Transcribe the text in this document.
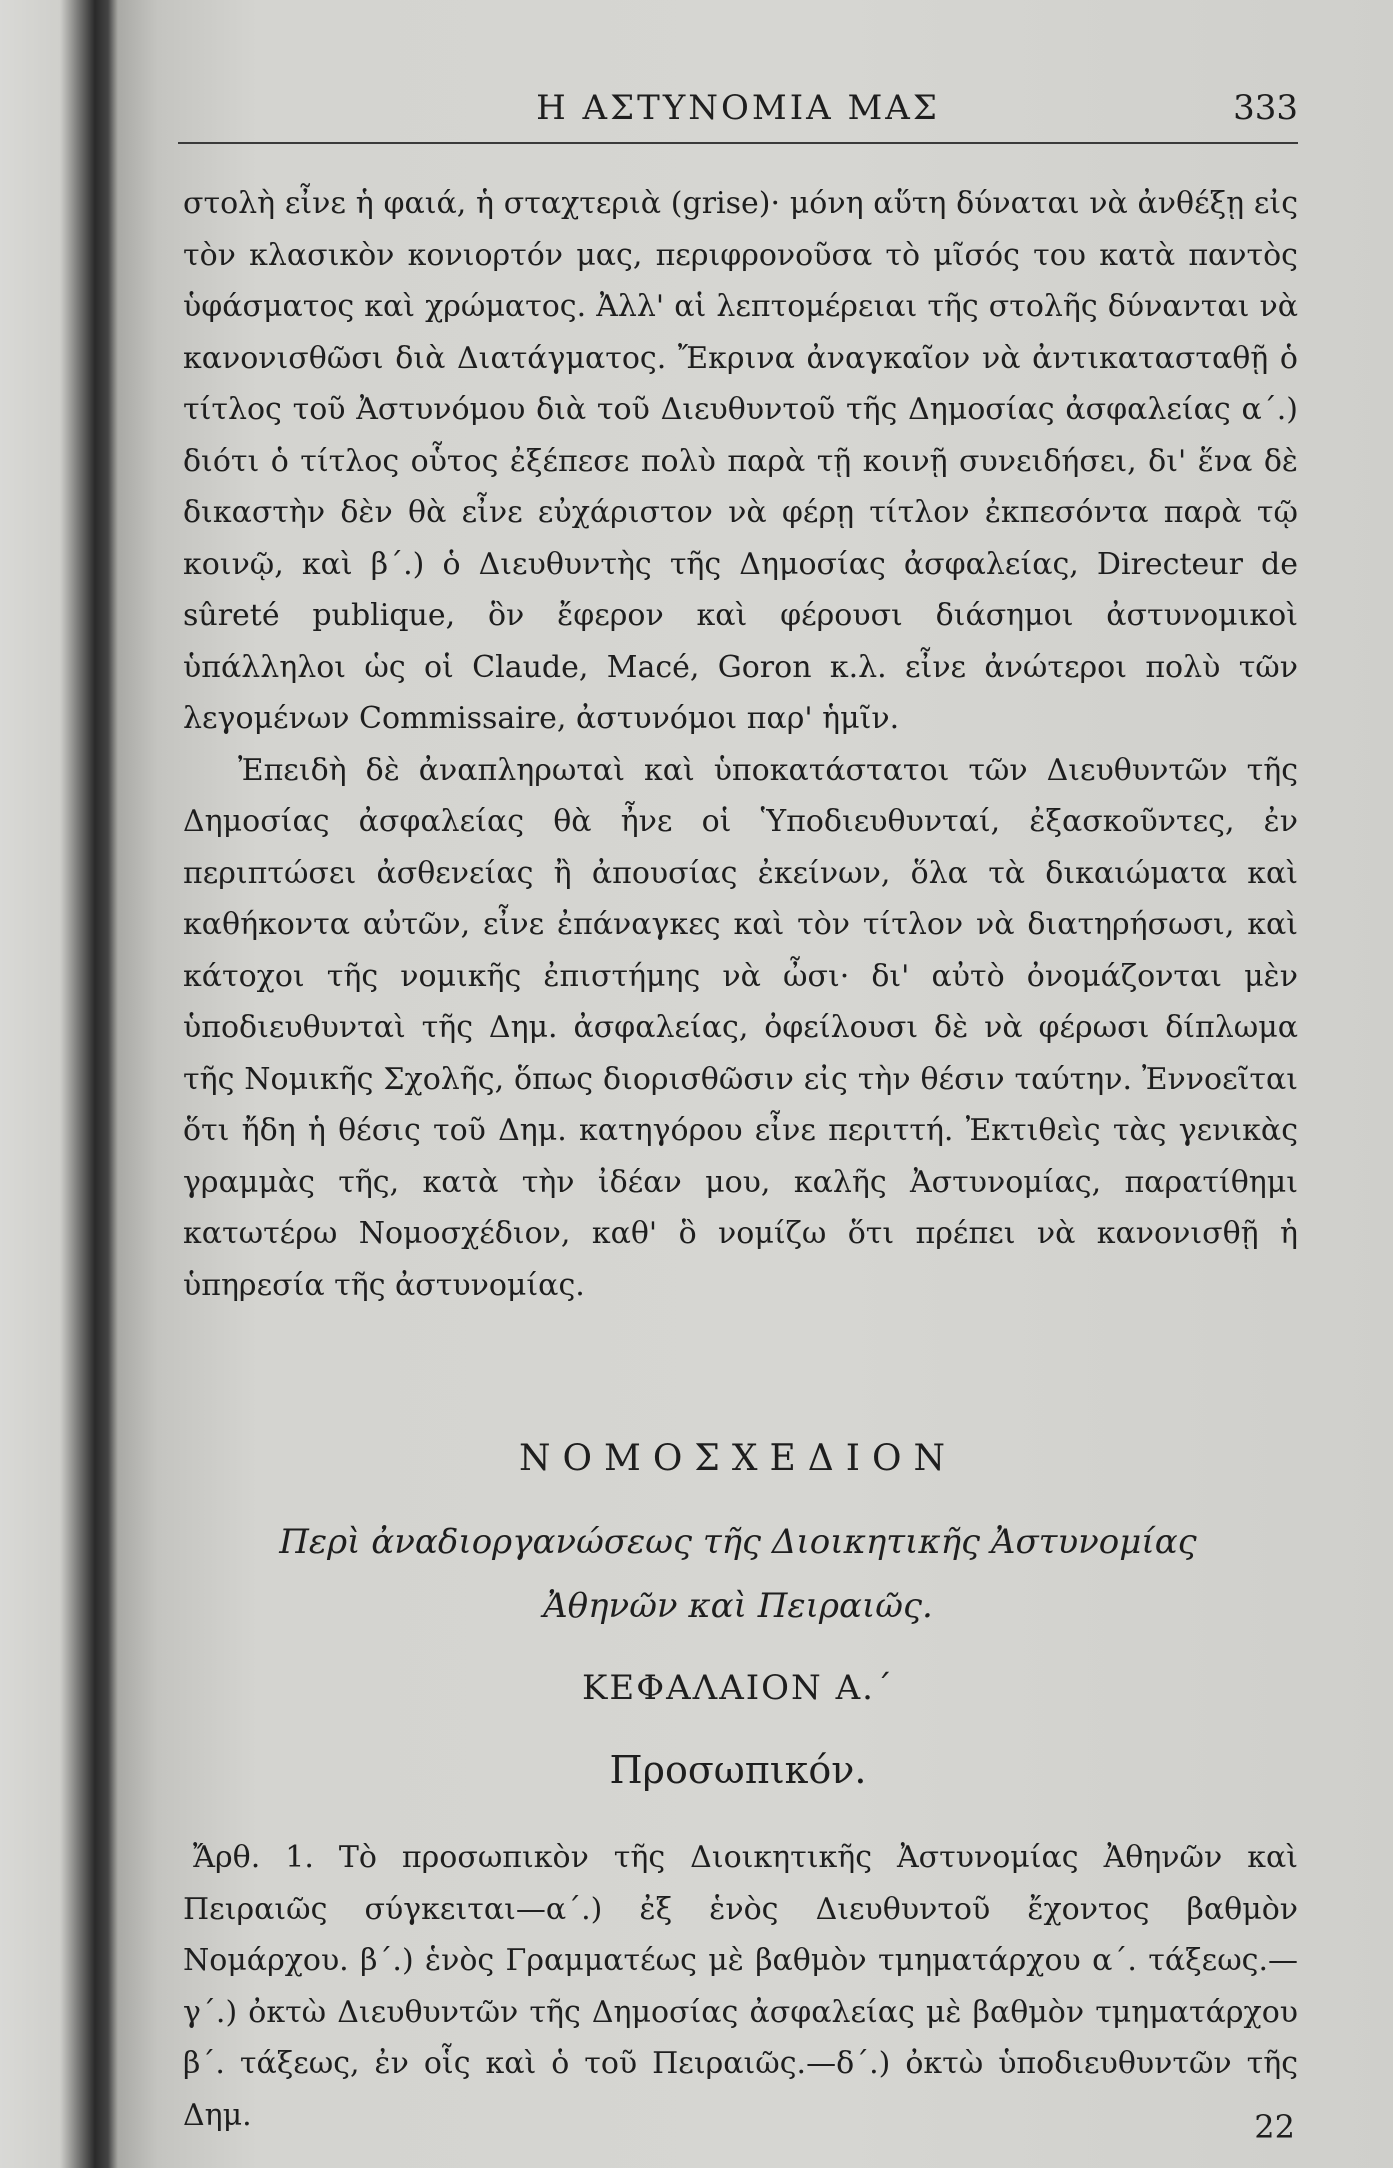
Η ΑΣΤΥΝΟΜΙΑ ΜΑΣ	333

στολὴ εἶνε ἡ φαιά, ἡ σταχτεριὰ (grise)· μόνη αὕτη δύναται νὰ ἀνθέξῃ εἰς τὸν κλασικὸν κονιορτόν μας, περιφρονοῦσα τὸ μῖσός του κατὰ παντὸς ὑφάσματος καὶ χρώματος. Ἀλλ' αἱ λεπτομέρειαι τῆς στολῆς δύνανται νὰ κανονισθῶσι διὰ Διατάγματος. Ἔκρινα ἀναγκαῖον νὰ ἀντικατασταθῇ ὁ τίτλος τοῦ Ἀστυνόμου διὰ τοῦ Διευθυντοῦ τῆς Δημοσίας ἀσφαλείας α΄.) διότι ὁ τίτλος οὗτος ἐξέπεσε πολὺ παρὰ τῇ κοινῇ συνειδήσει, δι' ἕνα δὲ δικαστὴν δὲν θὰ εἶνε εὐχάριστον νὰ φέρῃ τίτλον ἐκπεσόντα παρὰ τῷ κοινῷ, καὶ β΄.) ὁ Διευθυντὴς τῆς Δημοσίας ἀσφαλείας, Directeur de sûreté publique, ὃν ἔφερον καὶ φέρουσι διάσημοι ἀστυνομικοὶ ὑπάλληλοι ὡς οἱ Claude, Macé, Goron κ.λ. εἶνε ἀνώτεροι πολὺ τῶν λεγομένων Commissaire, ἀστυνόμοι παρ' ἡμῖν.

Ἐπειδὴ δὲ ἀναπληρωταὶ καὶ ὑποκατάστατοι τῶν Διευθυντῶν τῆς Δημοσίας ἀσφαλείας θὰ ἦνε οἱ Ὑποδιευθυνταί, ἐξασκοῦντες, ἐν περιπτώσει ἀσθενείας ἢ ἀπουσίας ἐκείνων, ὅλα τὰ δικαιώματα καὶ καθήκοντα αὐτῶν, εἶνε ἐπάναγκες καὶ τὸν τίτλον νὰ διατηρήσωσι, καὶ κάτοχοι τῆς νομικῆς ἐπιστήμης νὰ ὦσι· δι' αὐτὸ ὀνομάζονται μὲν ὑποδιευθυνταὶ τῆς Δημ. ἀσφαλείας, ὀφείλουσι δὲ νὰ φέρωσι δίπλωμα τῆς Νομικῆς Σχολῆς, ὅπως διορισθῶσιν εἰς τὴν θέσιν ταύτην. Ἐννοεῖται ὅτι ἤδη ἡ θέσις τοῦ Δημ. κατηγόρου εἶνε περιττή. Ἐκτιθεὶς τὰς γενικὰς γραμμὰς τῆς, κατὰ τὴν ἰδέαν μου, καλῆς Ἀστυνομίας, παρατίθημι κατωτέρω Νομοσχέδιον, καθ' ὃ νομίζω ὅτι πρέπει νὰ κανονισθῇ ἡ ὑπηρεσία τῆς ἀστυνομίας.

ΝΟΜΟΣΧΕΔΙΟΝ
Περὶ ἀναδιοργανώσεως τῆς Διοικητικῆς Ἀστυνομίας
Ἀθηνῶν καὶ Πειραιῶς.
ΚΕΦΑΛΑΙΟΝ Α.΄
Προσωπικόν.

Ἄρθ. 1. Τὸ προσωπικὸν τῆς Διοικητικῆς Ἀστυνομίας Ἀθηνῶν καὶ Πειραιῶς σύγκειται—α΄.) ἐξ ἑνὸς Διευθυντοῦ ἔχοντος βαθμὸν Νομάρχου. β΄.) ἑνὸς Γραμματέως μὲ βαθμὸν τμηματάρχου α΄. τάξεως.—γ΄.) ὀκτὼ Διευθυντῶν τῆς Δημοσίας ἀσφαλείας μὲ βαθμὸν τμηματάρχου β΄. τάξεως, ἐν οἷς καὶ ὁ τοῦ Πειραιῶς.—δ΄.) ὀκτὼ ὑποδιευθυντῶν τῆς Δημ.	22
